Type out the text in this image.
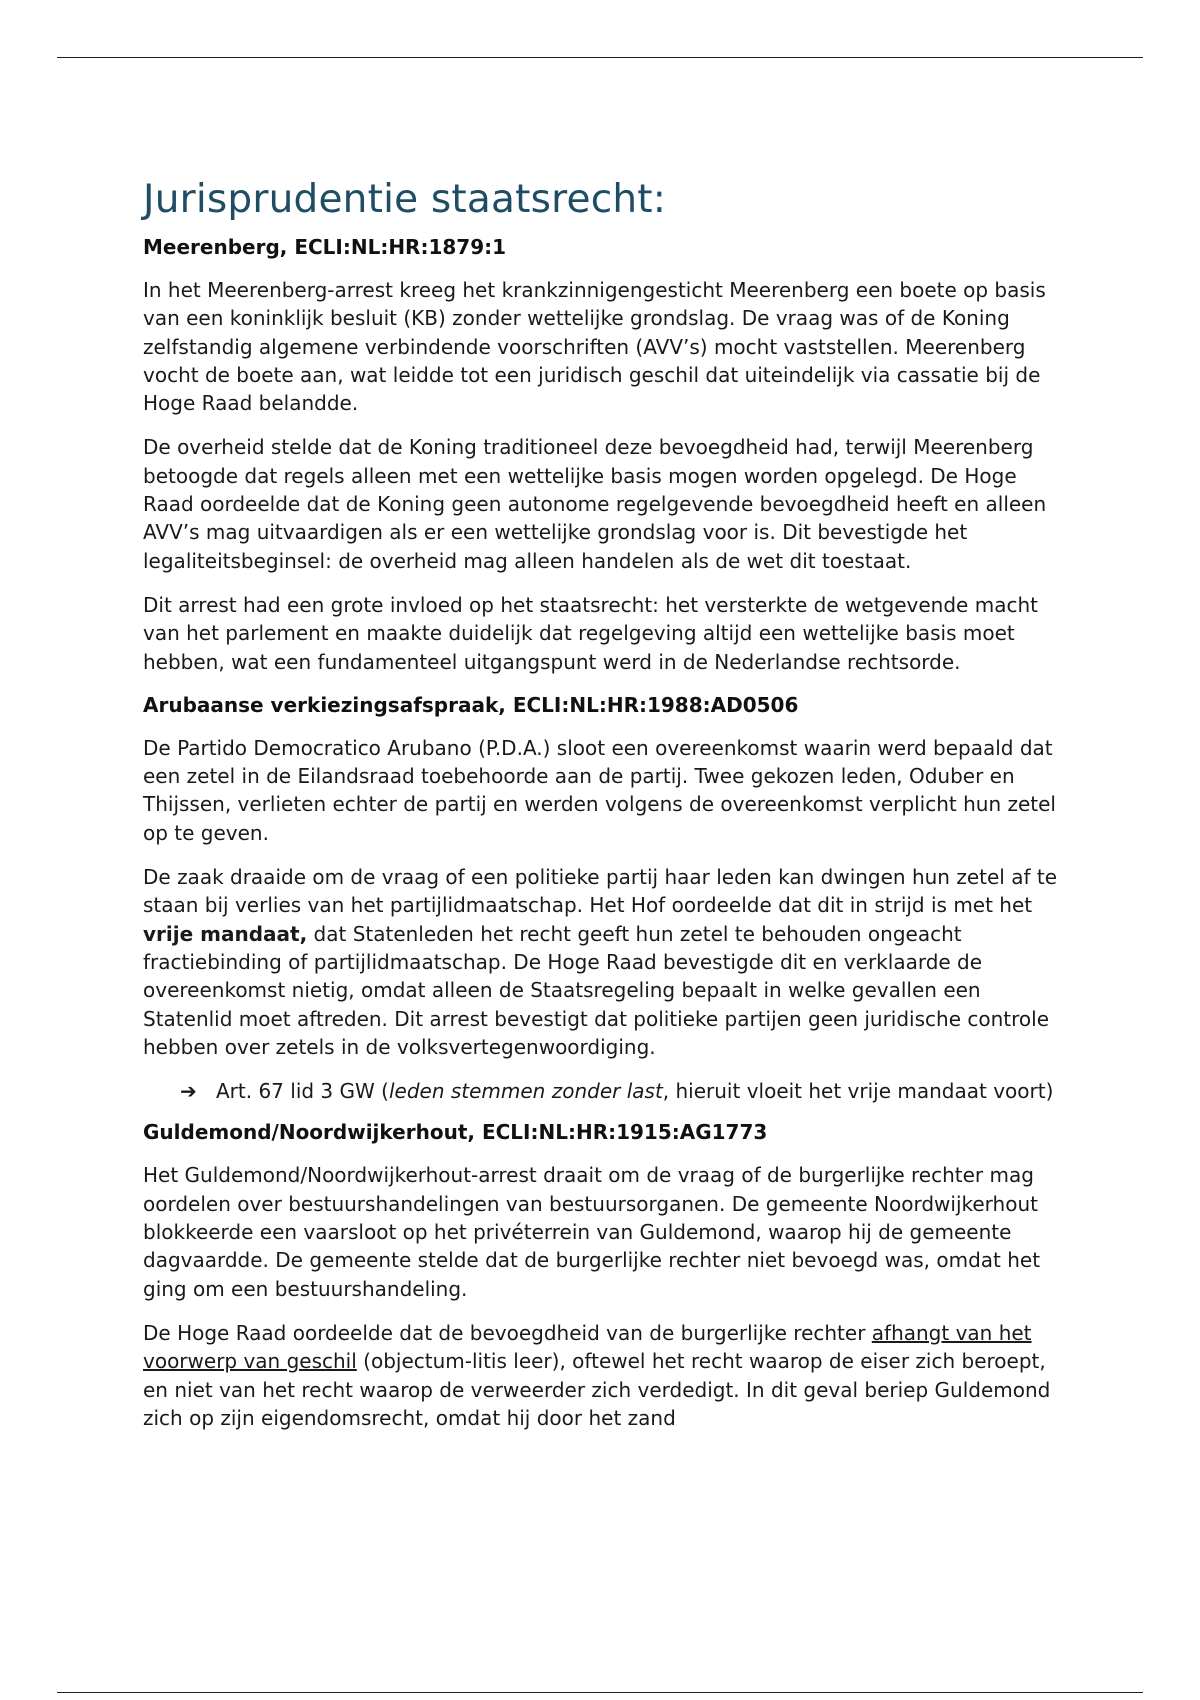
Jurisprudentie staatsrecht:
Meerenberg, ECLI:NL:HR:1879:1

In het Meerenberg-arrest kreeg het krankzinnigengesticht Meerenberg een boete op basis van een koninklijk besluit (KB) zonder wettelijke grondslag. De vraag was of de Koning zelfstandig algemene verbindende voorschriften (AVV’s) mocht vaststellen. Meerenberg vocht de boete aan, wat leidde tot een juridisch geschil dat uiteindelijk via cassatie bij de Hoge Raad belandde.

De overheid stelde dat de Koning traditioneel deze bevoegdheid had, terwijl Meerenberg betoogde dat regels alleen met een wettelijke basis mogen worden opgelegd. De Hoge Raad oordeelde dat de Koning geen autonome regelgevende bevoegdheid heeft en alleen AVV’s mag uitvaardigen als er een wettelijke grondslag voor is. Dit bevestigde het legaliteitsbeginsel: de overheid mag alleen handelen als de wet dit toestaat.

Dit arrest had een grote invloed op het staatsrecht: het versterkte de wetgevende macht van het parlement en maakte duidelijk dat regelgeving altijd een wettelijke basis moet hebben, wat een fundamenteel uitgangspunt werd in de Nederlandse rechtsorde.

Arubaanse verkiezingsafspraak, ECLI:NL:HR:1988:AD0506

De Partido Democratico Arubano (P.D.A.) sloot een overeenkomst waarin werd bepaald dat een zetel in de Eilandsraad toebehoorde aan de partij. Twee gekozen leden, Oduber en Thijssen, verlieten echter de partij en werden volgens de overeenkomst verplicht hun zetel op te geven.

De zaak draaide om de vraag of een politieke partij haar leden kan dwingen hun zetel af te staan bij verlies van het partijlidmaatschap. Het Hof oordeelde dat dit in strijd is met het vrije mandaat, dat Statenleden het recht geeft hun zetel te behouden ongeacht fractiebinding of partijlidmaatschap. De Hoge Raad bevestigde dit en verklaarde de overeenkomst nietig, omdat alleen de Staatsregeling bepaalt in welke gevallen een Statenlid moet aftreden. Dit arrest bevestigt dat politieke partijen geen juridische controle hebben over zetels in de volksvertegenwoordiging.

➔ Art. 67 lid 3 GW (leden stemmen zonder last, hieruit vloeit het vrije mandaat voort)
Guldemond/Noordwijkerhout, ECLI:NL:HR:1915:AG1773

Het Guldemond/Noordwijkerhout-arrest draait om de vraag of de burgerlijke rechter mag oordelen over bestuurshandelingen van bestuursorganen. De gemeente Noordwijkerhout blokkeerde een vaarsloot op het privéterrein van Guldemond, waarop hij de gemeente dagvaardde. De gemeente stelde dat de burgerlijke rechter niet bevoegd was, omdat het ging om een bestuurshandeling.

De Hoge Raad oordeelde dat de bevoegdheid van de burgerlijke rechter afhangt van het voorwerp van geschil (objectum-litis leer), oftewel het recht waarop de eiser zich beroept, en niet van het recht waarop de verweerder zich verdedigt. In dit geval beriep Guldemond zich op zijn eigendomsrecht, omdat hij door het zand
